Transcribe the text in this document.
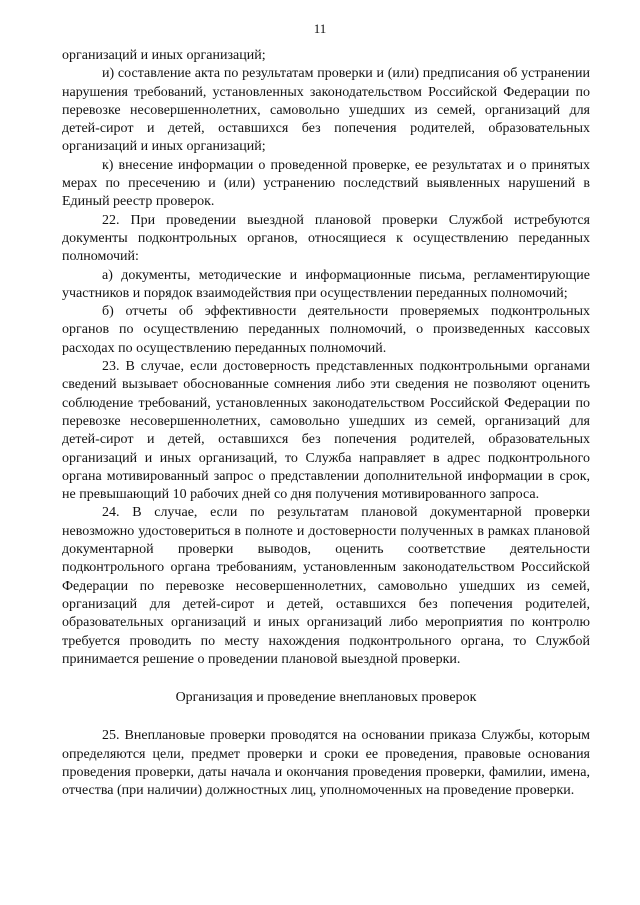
11

организаций и иных организаций;

и) составление акта по результатам проверки и (или) предписания об устранении нарушения требований, установленных законодательством Российской Федерации по перевозке несовершеннолетних, самовольно ушедших из семей, организаций для детей-сирот и детей, оставшихся без попечения родителей, образовательных организаций и иных организаций;

к) внесение информации о проведенной проверке, ее результатах и о принятых мерах по пресечению и (или) устранению последствий выявленных нарушений в Единый реестр проверок.

22. При проведении выездной плановой проверки Службой истребуются документы подконтрольных органов, относящиеся к осуществлению переданных полномочий:

а) документы, методические и информационные письма, регламентирующие участников и порядок взаимодействия при осуществлении переданных полномочий;

б) отчеты об эффективности деятельности проверяемых подконтрольных органов по осуществлению переданных полномочий, о произведенных кассовых расходах по осуществлению переданных полномочий.

23. В случае, если достоверность представленных подконтрольными органами сведений вызывает обоснованные сомнения либо эти сведения не позволяют оценить соблюдение требований, установленных законодательством Российской Федерации по перевозке несовершеннолетних, самовольно ушедших из семей, организаций для детей-сирот и детей, оставшихся без попечения родителей, образовательных организаций и иных организаций, то Служба направляет в адрес подконтрольного органа мотивированный запрос о представлении дополнительной информации в срок, не превышающий 10 рабочих дней со дня получения мотивированного запроса.

24. В случае, если по результатам плановой документарной проверки невозможно удостовериться в полноте и достоверности полученных в рамках плановой документарной проверки выводов, оценить соответствие деятельности подконтрольного органа требованиям, установленным законодательством Российской Федерации по перевозке несовершеннолетних, самовольно ушедших из семей, организаций для детей-сирот и детей, оставшихся без попечения родителей, образовательных организаций и иных организаций либо мероприятия по контролю требуется проводить по месту нахождения подконтрольного органа, то Службой принимается решение о проведении плановой выездной проверки.

Организация и проведение внеплановых проверок

25. Внеплановые проверки проводятся на основании приказа Службы, которым определяются цели, предмет проверки и сроки ее проведения, правовые основания проведения проверки, даты начала и окончания проведения проверки, фамилии, имена, отчества (при наличии) должностных лиц, уполномоченных на проведение проверки.
